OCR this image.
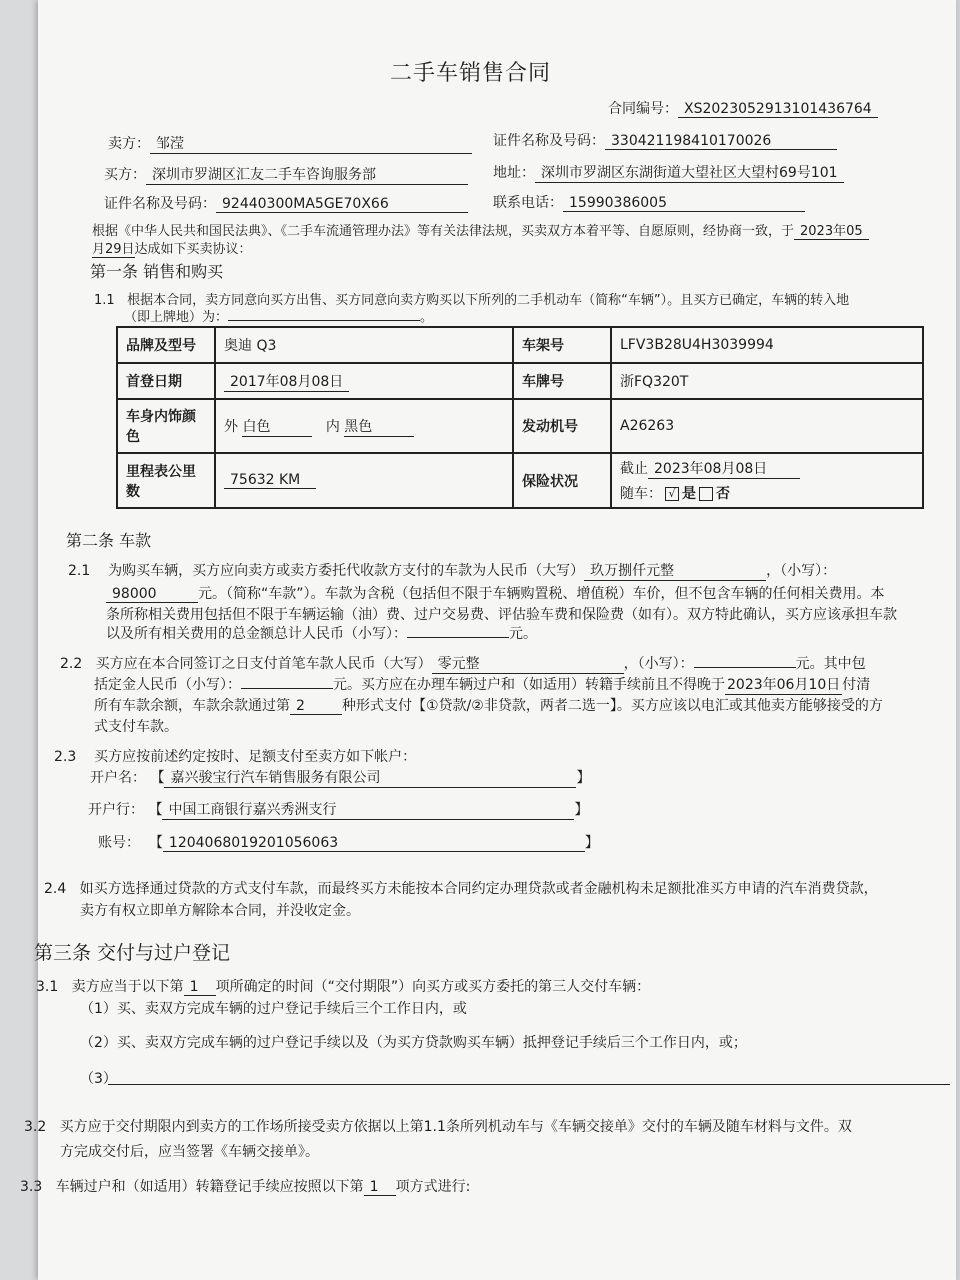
二手车销售合同
合同编号： XS2023052913101436764
卖方： 邹滢	证件名称及号码： 330421198410170026
买方： 深圳市罗湖区汇友二手车咨询服务部	地址： 深圳市罗湖区东湖街道大望社区大望村69号101
证件名称及号码： 92440300MA5GE70X66	联系电话： 15990386005
根据《中华人民共和国民法典》、《二手车流通管理办法》等有关法律法规，买卖双方本着平等、自愿原则，经协商一致，于 2023年05
月29日达成如下买卖协议：
第一条 销售和购买
1.1 根据本合同，卖方同意向买方出售、买方同意向卖方购买以下所列的二手机动车（简称“车辆”）。且买方已确定，车辆的转入地
（即上牌地）为：	。
品牌及型号	奥迪 Q3	车架号	LFV3B28U4H3039994
首登日期	2017年08月08日	车牌号	浙FQ320T
车身内饰颜色	外 白色 内 黑色	发动机号	A26263
里程表公里数	75632 KM	保险状况	截止 2023年08月08日
随车： √ 是 否
第二条 车款
2.1 为购买车辆，买方应向卖方或卖方委托代收款方支付的车款为人民币（大写） 玖万捌仟元整	，（小写）：
98000	元。（简称“车款”）。车款为含税（包括但不限于车辆购置税、增值税）车价，但不包含车辆的任何相关费用。本
条所称相关费用包括但不限于车辆运输（油）费、过户交易费、评估验车费和保险费（如有）。双方特此确认，买方应该承担车款
以及所有相关费用的总金额总计人民币（小写）：	元。
2.2 买方应在本合同签订之日支付首笔车款人民币（大写） 零元整	，（小写）：	元。其中包
括定金人民币（小写）：	元。买方应在办理车辆过户和（如适用）转籍手续前且不得晚于 2023年06月10日 付清
所有车款余额，车款余款通过第 2	种形式支付【①贷款/②非贷款，两者二选一】。买方应该以电汇或其他卖方能够接受的方
式支付车款。
2.3 买方应按前述约定按时、足额支付至卖方如下帐户：
开户名： 【 嘉兴骏宝行汽车销售服务有限公司	】
开户行： 【 中国工商银行嘉兴秀洲支行	】
账号： 【 1204068019201056063	】
2.4 如买方选择通过贷款的方式支付车款，而最终买方未能按本合同约定办理贷款或者金融机构未足额批准买方申请的汽车消费贷款，
卖方有权立即单方解除本合同，并没收定金。
第三条 交付与过户登记
3.1 卖方应当于以下第 1 项所确定的时间（“交付期限”）向买方或买方委托的第三人交付车辆：
（1）买、卖双方完成车辆的过户登记手续后三个工作日内，或
（2）买、卖双方完成车辆的过户登记手续以及（为买方贷款购买车辆）抵押登记手续后三个工作日内，或；
（3）
3.2 买方应于交付期限内到卖方的工作场所接受卖方依据以上第1.1条所列机动车与《车辆交接单》交付的车辆及随车材料与文件。双
方完成交付后，应当签署《车辆交接单》。
3.3 车辆过户和（如适用）转籍登记手续应按照以下第 1 项方式进行:
